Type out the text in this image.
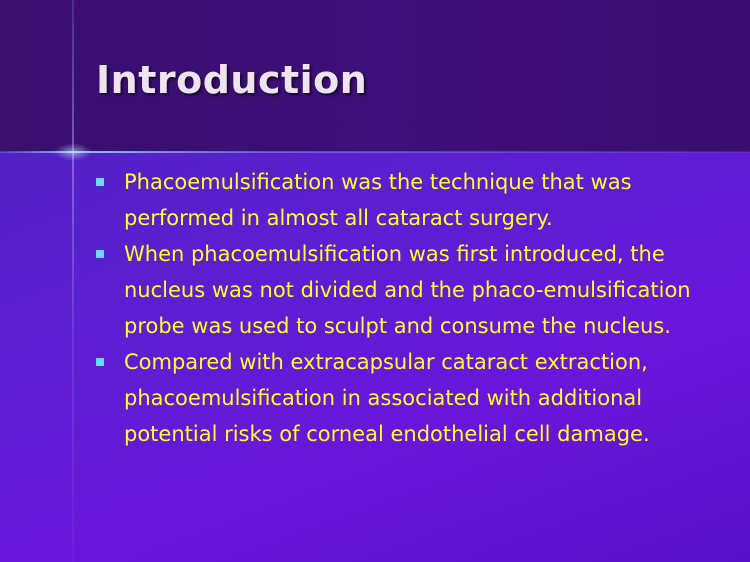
Introduction
Phacoemulsification was the technique that was performed in almost all cataract surgery.
When phacoemulsification was first introduced, the nucleus was not divided and the phaco-emulsification probe was used to sculpt and consume the nucleus.
Compared with extracapsular cataract extraction, phacoemulsification in associated with additional potential risks of corneal endothelial cell damage.
